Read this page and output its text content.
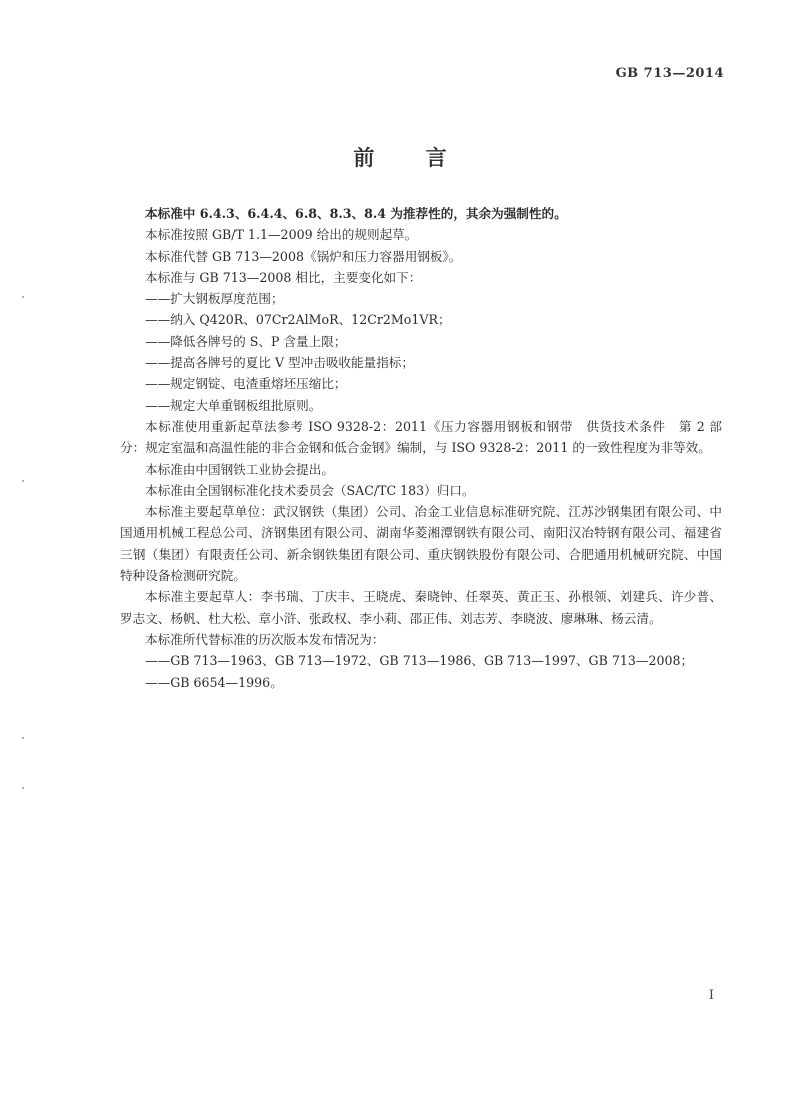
GB 713—2014
前 言

本标准中 6.4.3、6.4.4、6.8、8.3、8.4 为推荐性的，其余为强制性的。

本标准按照 GB/T 1.1—2009 给出的规则起草。

本标准代替 GB 713—2008《锅炉和压力容器用钢板》。

本标准与 GB 713—2008 相比，主要变化如下：

——扩大钢板厚度范围；

——纳入 Q420R、07Cr2AlMoR、12Cr2Mo1VR；

——降低各牌号的 S、P 含量上限；

——提高各牌号的夏比 V 型冲击吸收能量指标；

——规定钢锭、电渣重熔坯压缩比；

——规定大单重钢板组批原则。

本标准使用重新起草法参考 ISO 9328-2：2011《压力容器用钢板和钢带　供货技术条件　第 2 部分：规定室温和高温性能的非合金钢和低合金钢》编制，与 ISO 9328-2：2011 的一致性程度为非等效。

本标准由中国钢铁工业协会提出。

本标准由全国钢标准化技术委员会（SAC/TC 183）归口。

本标准主要起草单位：武汉钢铁（集团）公司、冶金工业信息标准研究院、江苏沙钢集团有限公司、中国通用机械工程总公司、济钢集团有限公司、湖南华菱湘潭钢铁有限公司、南阳汉冶特钢有限公司、福建省三钢（集团）有限责任公司、新余钢铁集团有限公司、重庆钢铁股份有限公司、合肥通用机械研究院、中国特种设备检测研究院。

本标准主要起草人：李书瑞、丁庆丰、王晓虎、秦晓钟、任翠英、黄正玉、孙根领、刘建兵、许少普、罗志文、杨帆、杜大松、章小浒、张政权、李小莉、邵正伟、刘志芳、李晓波、廖琳琳、杨云清。

本标准所代替标准的历次版本发布情况为：

——GB 713—1963、GB 713—1972、GB 713—1986、GB 713—1997、GB 713—2008；

——GB 6654—1996。

I
